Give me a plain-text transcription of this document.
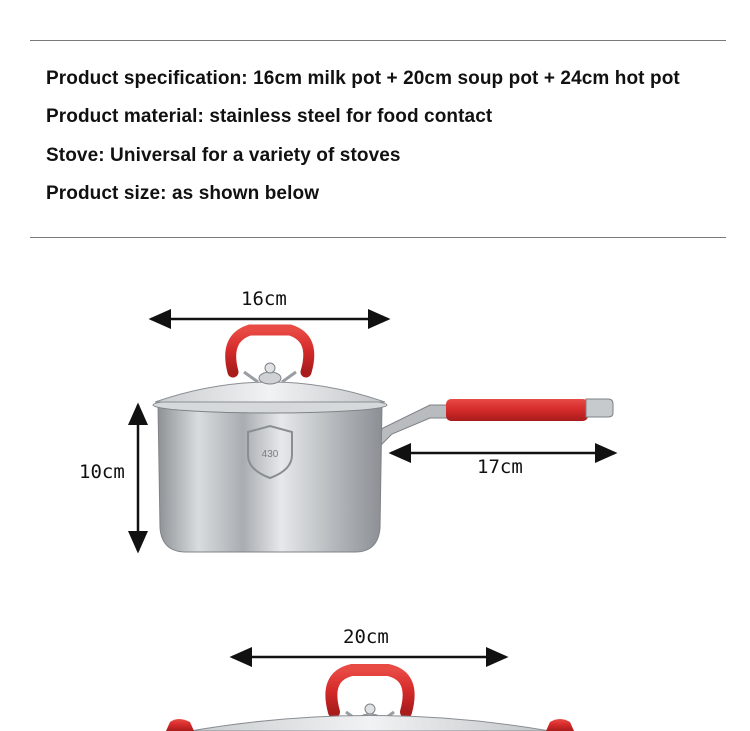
Product specification: 16cm milk pot + 20cm soup pot + 24cm hot pot
Product material: stainless steel for food contact
Stove: Universal for a variety of stoves
Product size: as shown below
430
16cm
10cm	17cm
20cm
